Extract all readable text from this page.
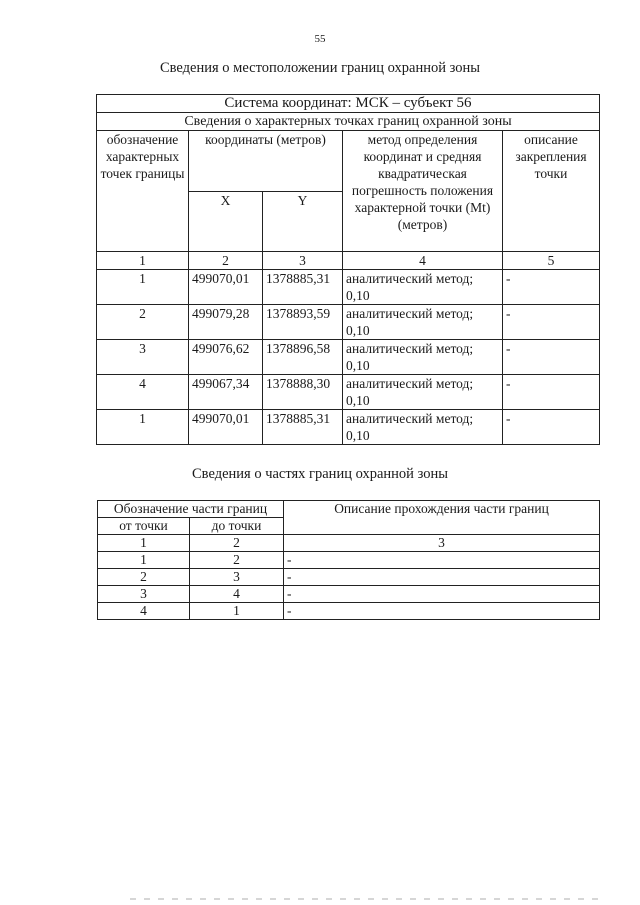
55
Сведения о местоположении границ охранной зоны
Система координат: МСК – субъект 56				
Сведения о характерных точках границ охранной зоны				
обозначение характерных точек границы	координаты (метров)		метод определения координат и средняя квадратическая погрешность положения характерной точки (Mt) (метров)	описание закрепления точки
	X	Y		
1	2	3	4	5
1	499070,01	1378885,31	аналитический метод; 0,10	-
2	499079,28	1378893,59	аналитический метод; 0,10	-
3	499076,62	1378896,58	аналитический метод; 0,10	-
4	499067,34	1378888,30	аналитический метод; 0,10	-
1	499070,01	1378885,31	аналитический метод; 0,10	-
Сведения о частях границ охранной зоны
Обозначение части границ		Описание прохождения части границ
от точки	до точки	
1	2	3
1	2	-
2	3	-
3	4	-
4	1	-
